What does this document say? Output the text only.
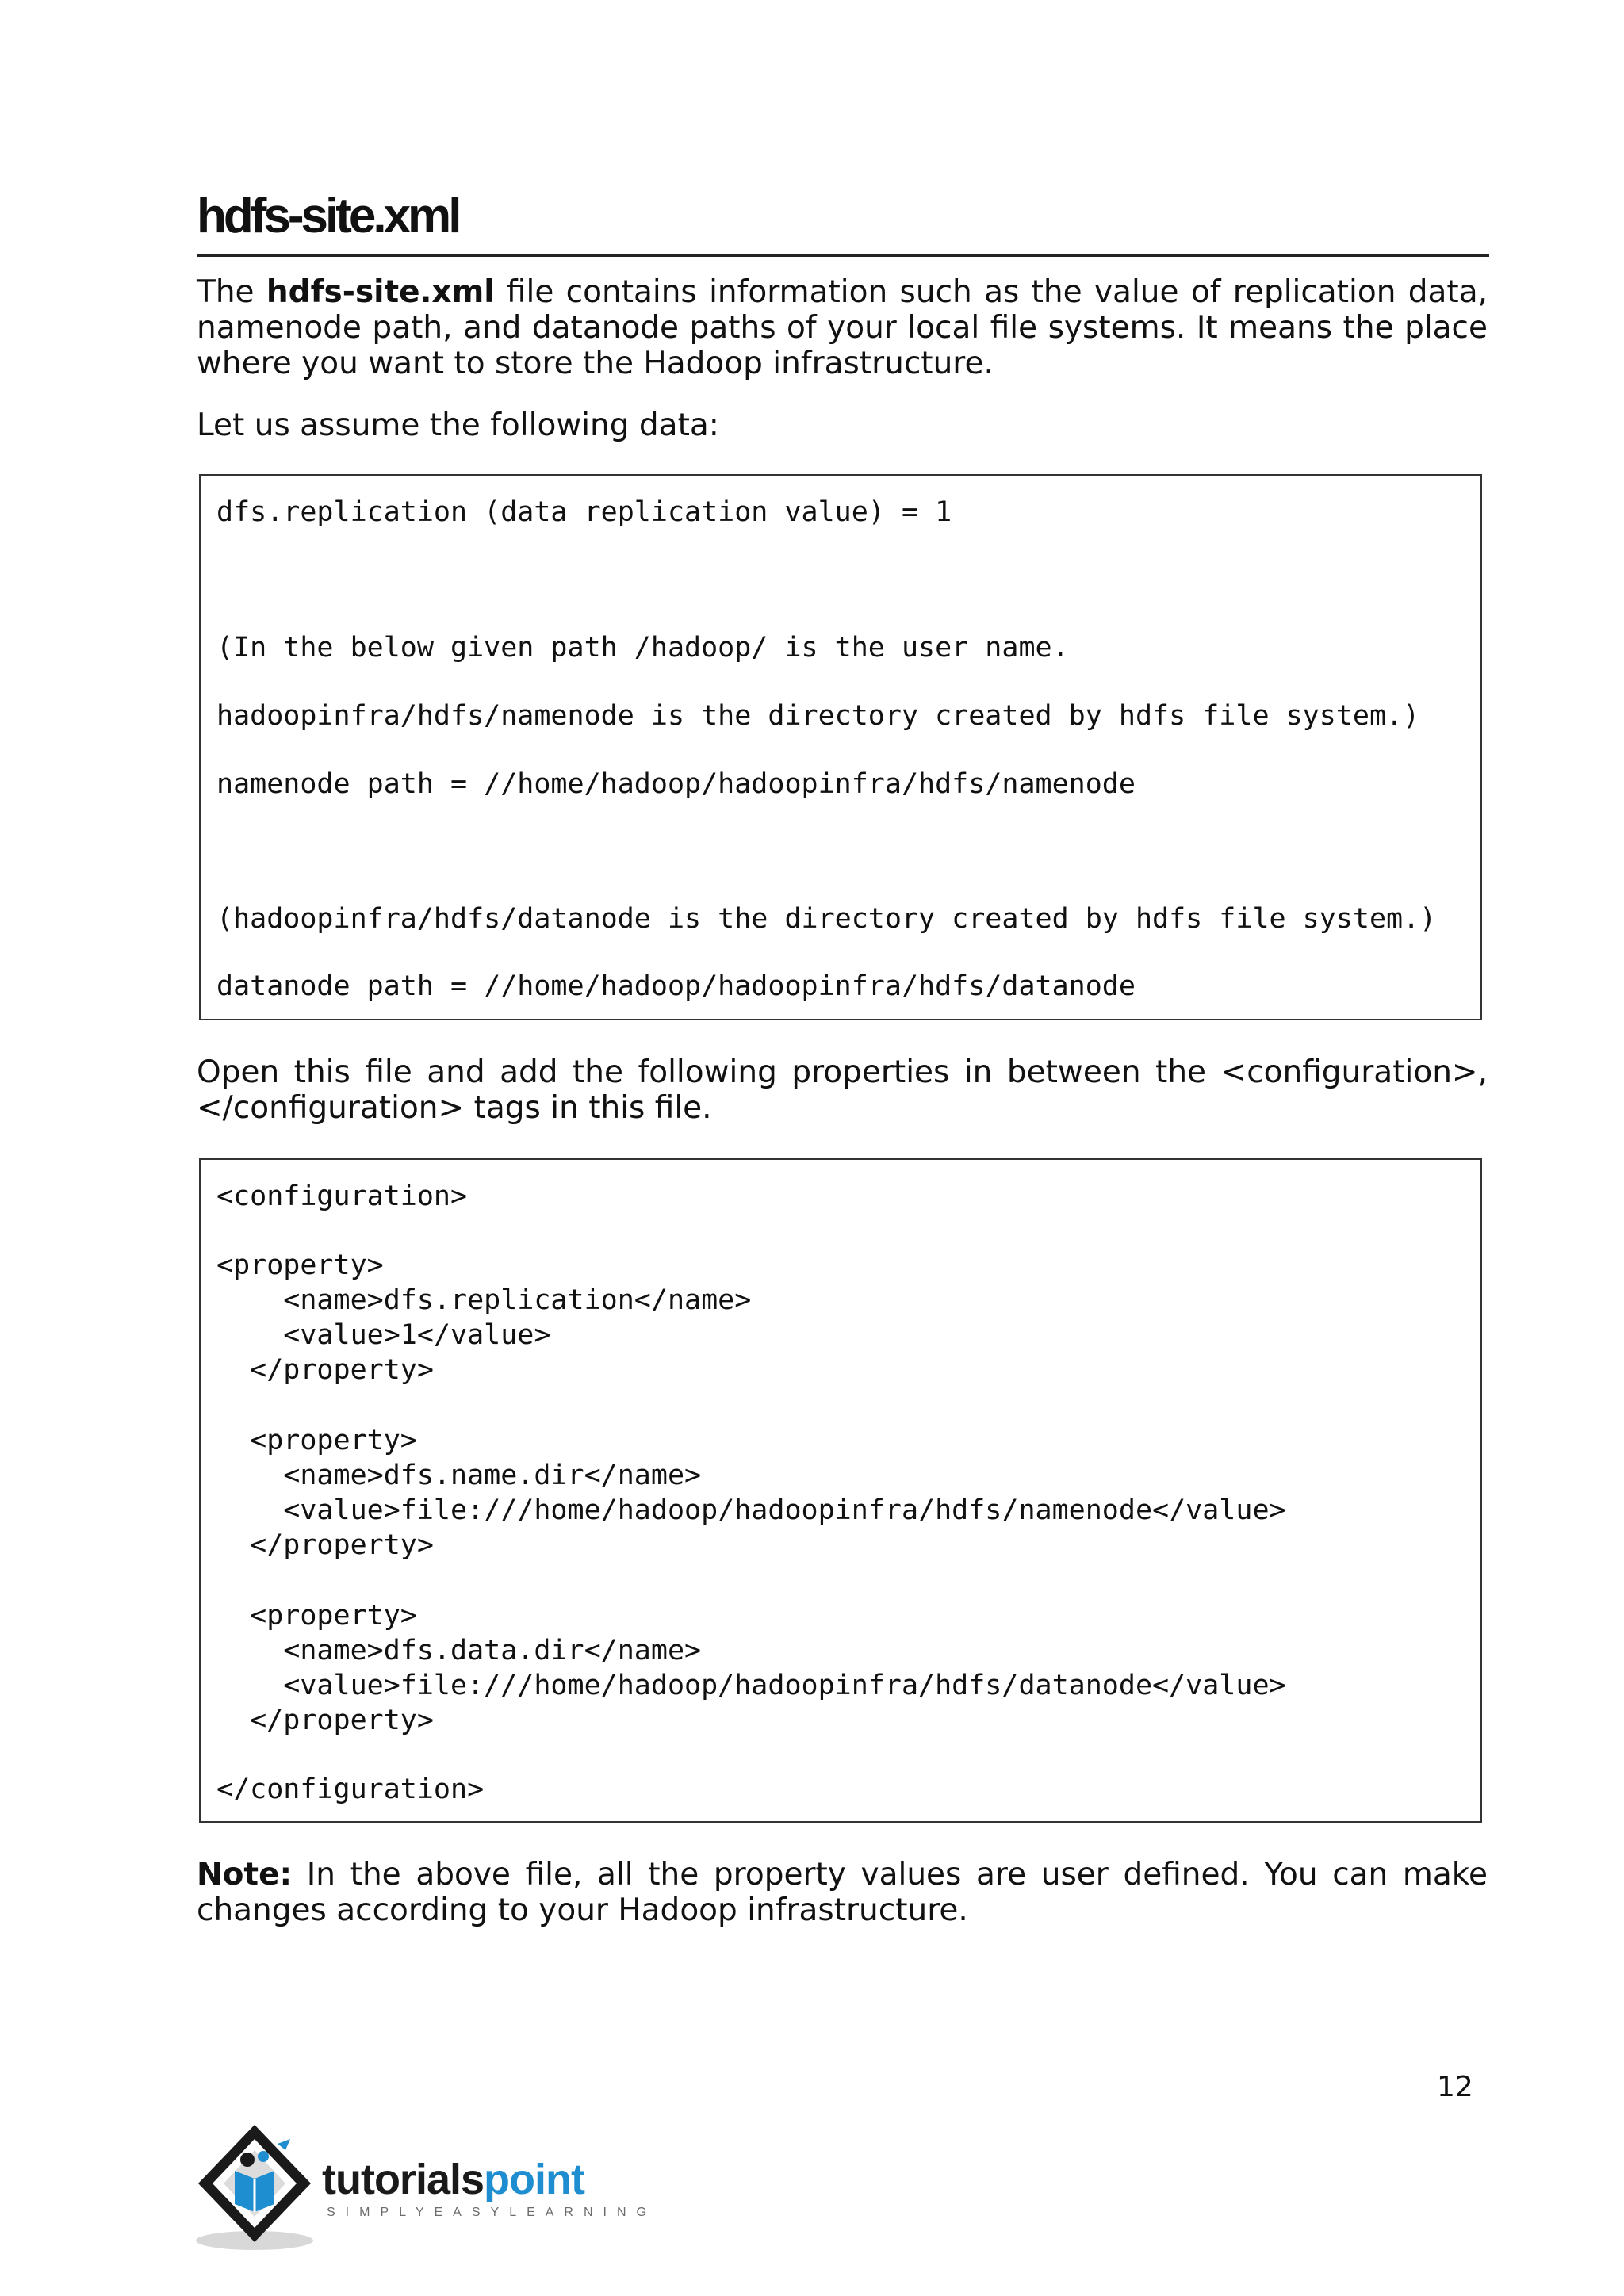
hdfs-site.xml

The hdfs-site.xml file contains information such as the value of replication data, namenode path, and datanode paths of your local file systems. It means the place where you want to store the Hadoop infrastructure.

Let us assume the following data:

dfs.replication (data replication value) = 1
(In the below given path /hadoop/ is the user name.
hadoopinfra/hdfs/namenode is the directory created by hdfs file system.)
namenode path = //home/hadoop/hadoopinfra/hdfs/namenode
(hadoopinfra/hdfs/datanode is the directory created by hdfs file system.)
datanode path = //home/hadoop/hadoopinfra/hdfs/datanode

Open this file and add the following properties in between the <configuration>, </configuration> tags in this file.

<configuration>
<property>
<name>dfs.replication</name>
<value>1</value>
</property>
<property>
<name>dfs.name.dir</name>
<value>file:///home/hadoop/hadoopinfra/hdfs/namenode</value>
</property>
<property>
<name>dfs.data.dir</name>
<value>file:///home/hadoop/hadoopinfra/hdfs/datanode</value>
</property>
</configuration>

Note: In the above file, all the property values are user defined. You can make changes according to your Hadoop infrastructure.

12
tutorialspoint
SIMPLYEASYLEARNING
